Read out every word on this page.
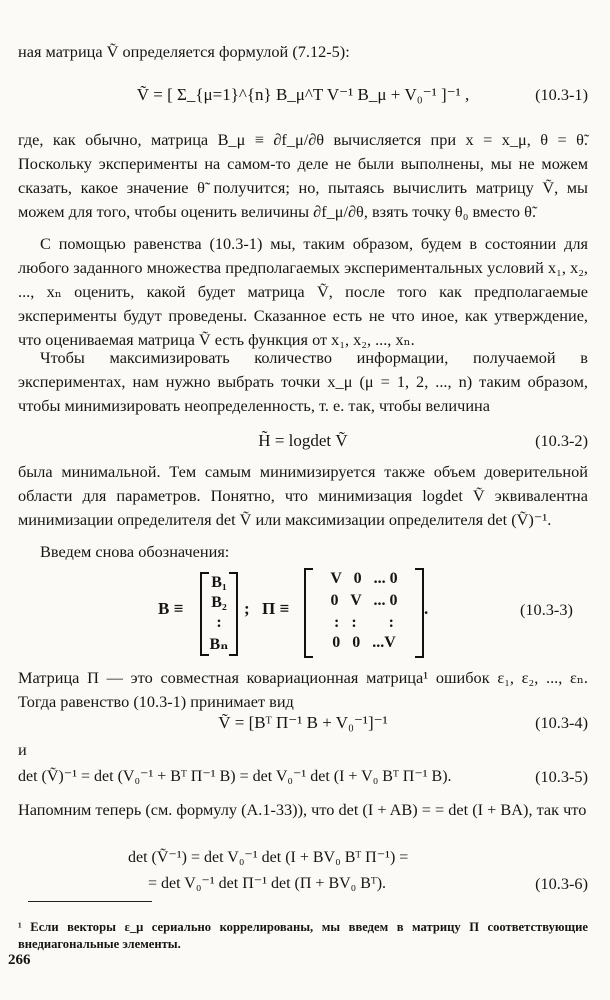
ная матрица Ṽ определяется формулой (7.12-5):

Ṽ = [ Σ_{μ=1}^{n} B_μ^T V⁻¹ B_μ + V₀⁻¹ ]⁻¹ ,	(10.3-1)

где, как обычно, матрица B_μ ≡ ∂f_μ/∂θ вычисляется при x = x_μ, θ = θ̃. Поскольку эксперименты на самом-то деле не были выполнены, мы не можем сказать, какое значение θ̃ получится; но, пытаясь вычислить матрицу Ṽ, мы можем для того, чтобы оценить величины ∂f_μ/∂θ, взять точку θ₀ вместо θ̃.

С помощью равенства (10.3-1) мы, таким образом, будем в состоянии для любого заданного множества предполагаемых экспериментальных условий x₁, x₂, ..., xₙ оценить, какой будет матрица Ṽ, после того как предполагаемые эксперименты будут проведены. Сказанное есть не что иное, как утверждение, что оцениваемая матрица Ṽ есть функция от x₁, x₂, ..., xₙ.

Чтобы максимизировать количество информации, получаемой в экспериментах, нам нужно выбрать точки x_μ (μ = 1, 2, ..., n) таким образом, чтобы минимизировать неопределенность, т. е. так, чтобы величина

H̃ = logdet Ṽ	(10.3-2)

была минимальной. Тем самым минимизируется также объем доверительной области для параметров. Понятно, что минимизация logdet Ṽ эквивалентна минимизации определителя det Ṽ или максимизации определителя det (Ṽ)⁻¹.

Введем снова обозначения:

B ≡
B₁
B₂
:
Bₙ
; Π ≡
V   0   ... 0
0   V   ... 0
:   :        :
0   0   ...V
.	(10.3-3)

Матрица Π — это совместная ковариационная матрица¹ ошибок ε₁, ε₂, ..., εₙ. Тогда равенство (10.3-1) принимает вид

Ṽ = [Bᵀ Π⁻¹ B + V₀⁻¹]⁻¹	(10.3-4)

и

det (Ṽ)⁻¹ = det (V₀⁻¹ + Bᵀ Π⁻¹ B) = det V₀⁻¹ det (I + V₀ Bᵀ Π⁻¹ B).	(10.3-5)

Напомним теперь (см. формулу (A.1-33)), что det (I + AB) = = det (I + BA), так что

det (Ṽ⁻¹) = det V₀⁻¹ det (I + BV₀ Bᵀ Π⁻¹) =
= det V₀⁻¹ det Π⁻¹ det (Π + BV₀ Bᵀ).	(10.3-6)

¹ Если векторы ε_μ сериально коррелированы, мы введем в матрицу Π соответствующие внедиагональные элементы.

266
